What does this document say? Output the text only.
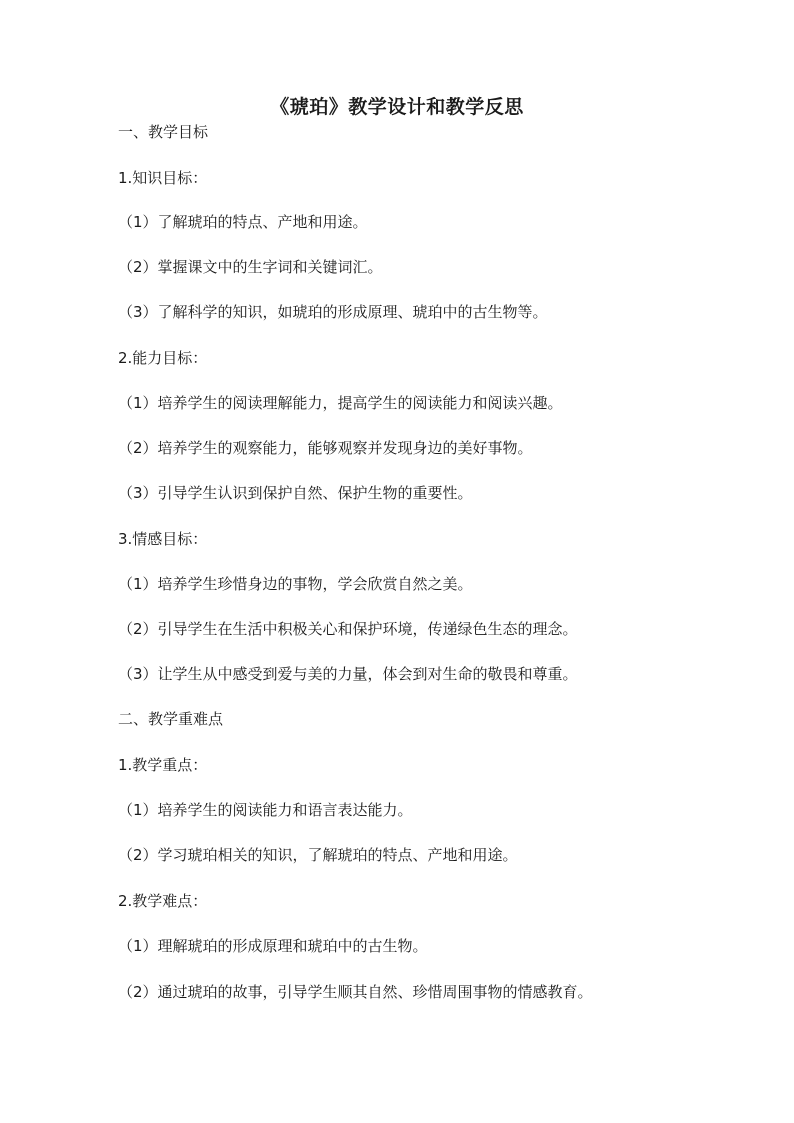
《琥珀》教学设计和教学反思
一、教学目标
1.知识目标：
（1）了解琥珀的特点、产地和用途。
（2）掌握课文中的生字词和关键词汇。
（3）了解科学的知识，如琥珀的形成原理、琥珀中的古生物等。
2.能力目标：
（1）培养学生的阅读理解能力，提高学生的阅读能力和阅读兴趣。
（2）培养学生的观察能力，能够观察并发现身边的美好事物。
（3）引导学生认识到保护自然、保护生物的重要性。
3.情感目标：
（1）培养学生珍惜身边的事物，学会欣赏自然之美。
（2）引导学生在生活中积极关心和保护环境，传递绿色生态的理念。
（3）让学生从中感受到爱与美的力量，体会到对生命的敬畏和尊重。
二、教学重难点
1.教学重点：
（1）培养学生的阅读能力和语言表达能力。
（2）学习琥珀相关的知识，了解琥珀的特点、产地和用途。
2.教学难点：
（1）理解琥珀的形成原理和琥珀中的古生物。
（2）通过琥珀的故事，引导学生顺其自然、珍惜周围事物的情感教育。
